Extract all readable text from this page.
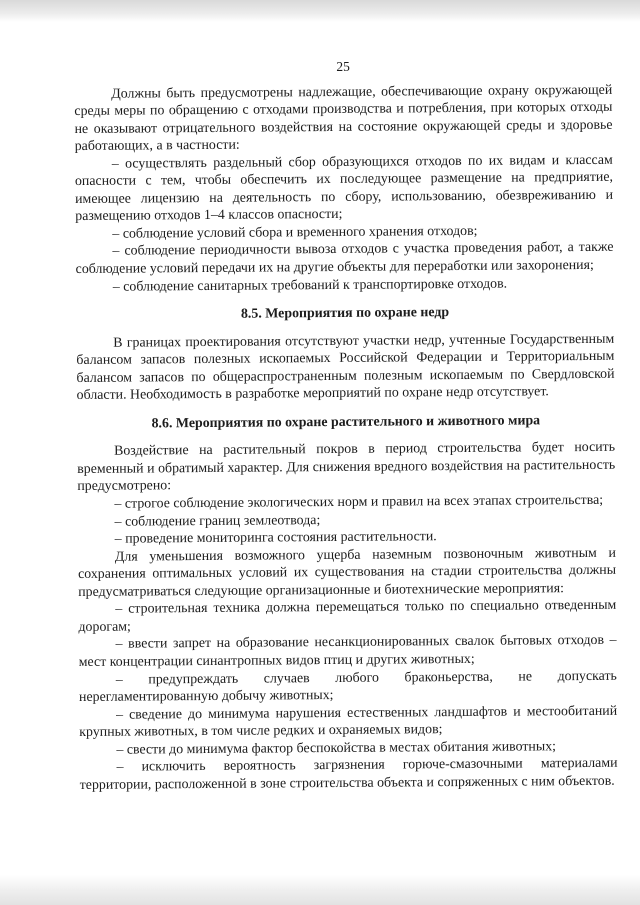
25

Должны быть предусмотрены надлежащие, обеспечивающие охрану окружающей среды меры по обращению с отходами производства и потребления, при которых отходы не оказывают отрицательного воздействия на состояние окружающей среды и здоровье работающих, а в частности:

– осуществлять раздельный сбор образующихся отходов по их видам и классам опасности с тем, чтобы обеспечить их последующее размещение на предприятие, имеющее лицензию на деятельность по сбору, использованию, обезвреживанию и размещению отходов 1–4 классов опасности;

– соблюдение условий сбора и временного хранения отходов;

– соблюдение периодичности вывоза отходов с участка проведения работ, а также соблюдение условий передачи их на другие объекты для переработки или захоронения;

– соблюдение санитарных требований к транспортировке отходов.

8.5. Мероприятия по охране недр

В границах проектирования отсутствуют участки недр, учтенные Государственным балансом запасов полезных ископаемых Российской Федерации и Территориальным балансом запасов по общераспространенным полезным ископаемым по Свердловской области. Необходимость в разработке мероприятий по охране недр отсутствует.

8.6. Мероприятия по охране растительного и животного мира

Воздействие на растительный покров в период строительства будет носить временный и обратимый характер. Для снижения вредного воздействия на растительность предусмотрено:

– строгое соблюдение экологических норм и правил на всех этапах строительства;

– соблюдение границ землеотвода;

– проведение мониторинга состояния растительности.

Для уменьшения возможного ущерба наземным позвоночным животным и сохранения оптимальных условий их существования на стадии строительства должны предусматриваться следующие организационные и биотехнические мероприятия:

– строительная техника должна перемещаться только по специально отведенным дорогам;

– ввести запрет на образование несанкционированных свалок бытовых отходов – мест концентрации синантропных видов птиц и других животных;

– предупреждать случаев любого браконьерства, не допускать нерегламентированную добычу животных;

– сведение до минимума нарушения естественных ландшафтов и местообитаний крупных животных, в том числе редких и охраняемых видов;

– свести до минимума фактор беспокойства в местах обитания животных;

– исключить вероятность загрязнения горюче-смазочными материалами территории, расположенной в зоне строительства объекта и сопряженных с ним объектов.
